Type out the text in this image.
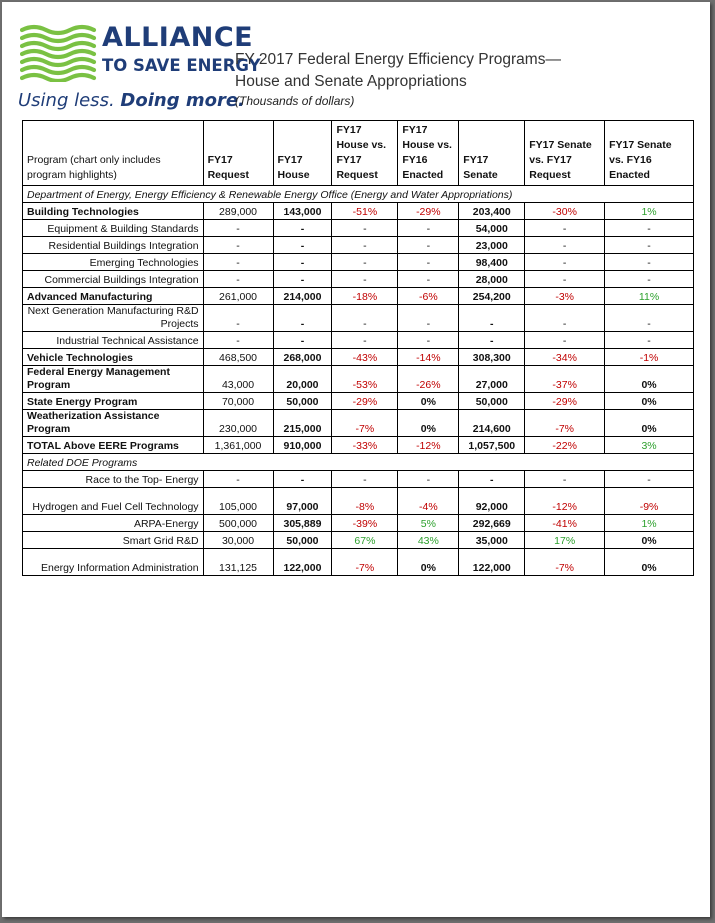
ALLIANCE
TO SAVE ENERGY
Using less. Doing more.
FY 2017 Federal Energy Efficiency Programs—
House and Senate Appropriations
(Thousands of dollars)
Program (chart only includes program highlights)	FY17 Request	FY17 House	FY17 House vs. FY17 Request	FY17 House vs. FY16 Enacted	FY17 Senate	FY17 Senate vs. FY17 Request	FY17 Senate vs. FY16 Enacted
Department of Energy, Energy Efficiency & Renewable Energy Office (Energy and Water Appropriations)							
Building Technologies	289,000	143,000	-51%	-29%	203,400	-30%	1%
Equipment & Building Standards	-	-	-	-	54,000	-	-
Residential Buildings Integration	-	-	-	-	23,000	-	-
Emerging Technologies	-	-	-	-	98,400	-	-
Commercial Buildings Integration	-	-	-	-	28,000	-	-
Advanced Manufacturing	261,000	214,000	-18%	-6%	254,200	-3%	11%
Next Generation Manufacturing R&D Projects	-	-	-	-	-	-	-
Industrial Technical Assistance	-	-	-	-	-	-	-
Vehicle Technologies	468,500	268,000	-43%	-14%	308,300	-34%	-1%
Federal Energy Management Program	43,000	20,000	-53%	-26%	27,000	-37%	0%
State Energy Program	70,000	50,000	-29%	0%	50,000	-29%	0%
Weatherization Assistance Program	230,000	215,000	-7%	0%	214,600	-7%	0%
TOTAL Above EERE Programs	1,361,000	910,000	-33%	-12%	1,057,500	-22%	3%
Related DOE Programs							
Race to the Top- Energy	-	-	-	-	-	-	-
Hydrogen and Fuel Cell Technology	105,000	97,000	-8%	-4%	92,000	-12%	-9%
ARPA-Energy	500,000	305,889	-39%	5%	292,669	-41%	1%
Smart Grid R&D	30,000	50,000	67%	43%	35,000	17%	0%
Energy Information Administration	131,125	122,000	-7%	0%	122,000	-7%	0%
